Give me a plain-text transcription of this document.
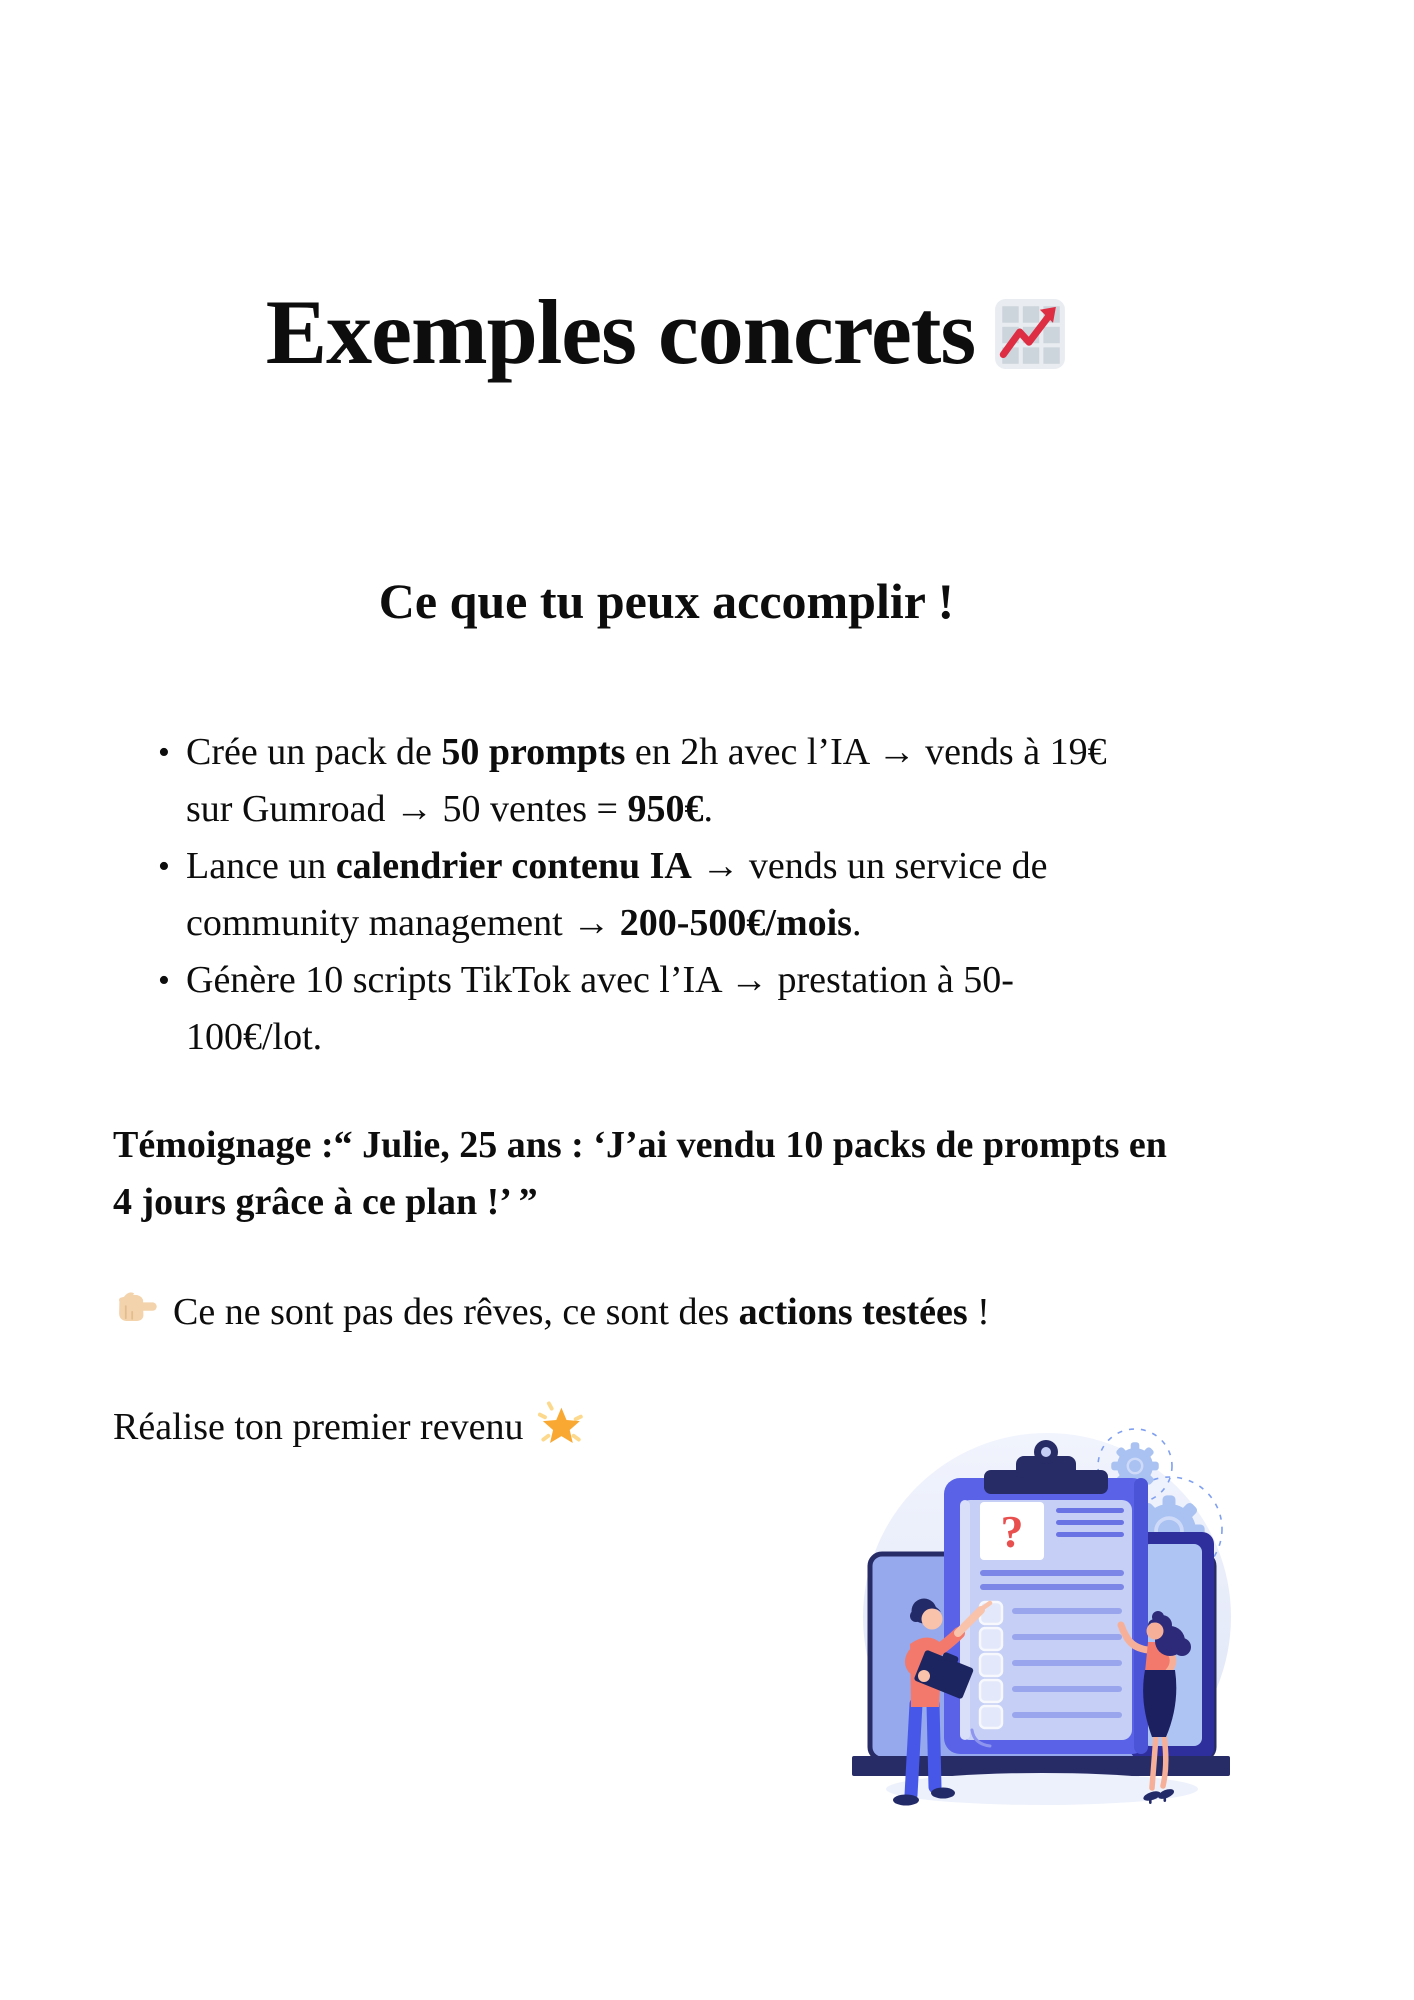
Exemples concrets
Ce que tu peux accomplir !
• Crée un pack de 50 prompts en 2h avec l’IA → vends à 19€
sur Gumroad → 50 ventes = 950€.
• Lance un calendrier contenu IA → vends un service de
community management → 200-500€/mois.
• Génère 10 scripts TikTok avec l’IA → prestation à 50-
100€/lot.
Témoignage :“ Julie, 25 ans : ‘J’ai vendu 10 packs de prompts en
4 jours grâce à ce plan !’ ”
Ce ne sont pas des rêves, ce sont des actions testées !
Réalise ton premier revenu
?
